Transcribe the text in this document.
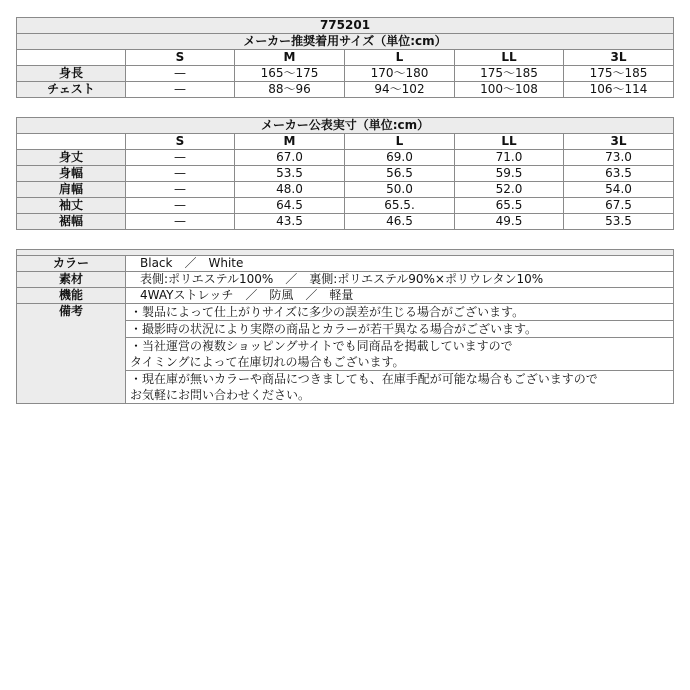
775201					
メーカー推奨着用サイズ（単位:cm）					
	S	M	L	LL	3L
身長	—	165～175	170～180	175～185	175～185
チェスト	—	88～96	94～102	100～108	106～114
メーカー公表実寸（単位:cm）					
	S	M	L	LL	3L
身丈	—	67.0	69.0	71.0	73.0
身幅	—	53.5	56.5	59.5	63.5
肩幅	—	48.0	50.0	52.0	54.0
袖丈	—	64.5	65.5.	65.5	67.5
裾幅	—	43.5	46.5	49.5	53.5

カラー	Black　／　White
素材	表側:ポリエステル100%　／　裏側:ポリエステル90%×ポリウレタン10%
機能	4WAYストレッチ　／　防風　／　軽量
備考	・製品によって仕上がりサイズに多少の誤差が生じる場合がございます。
	・撮影時の状況により実際の商品とカラーが若干異なる場合がございます。
	・当社運営の複数ショッピングサイトでも同商品を掲載していますので
タイミングによって在庫切れの場合もございます。
	・現在庫が無いカラーや商品につきましても、在庫手配が可能な場合もございますので
お気軽にお問い合わせください。
